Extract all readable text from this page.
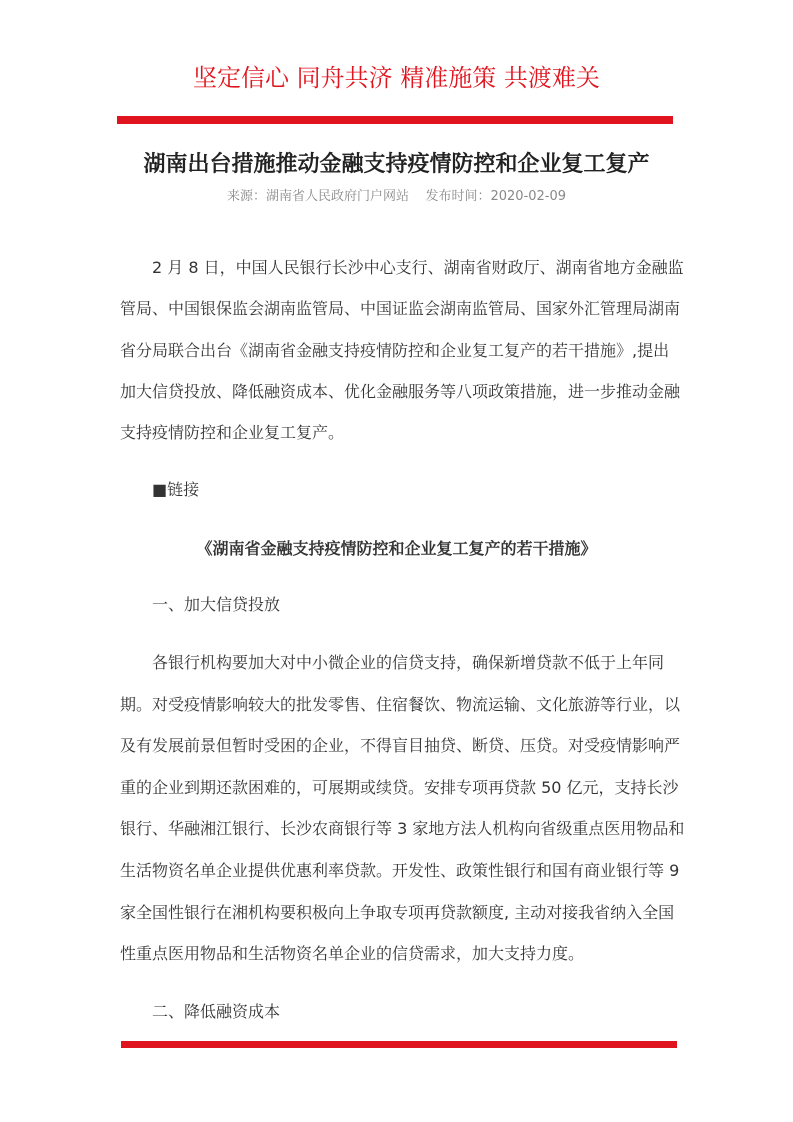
坚定信心 同舟共济 精准施策 共渡难关
湖南出台措施推动金融支持疫情防控和企业复工复产
来源：湖南省人民政府门户网站    发布时间：2020-02-09
　　2 月 8 日，中国人民银行长沙中心支行、湖南省财政厅、湖南省地方金融监
管局、中国银保监会湖南监管局、中国证监会湖南监管局、国家外汇管理局湖南
省分局联合出台《湖南省金融支持疫情防控和企业复工复产的若干措施》,提出
加大信贷投放、降低融资成本、优化金融服务等八项政策措施，进一步推动金融
支持疫情防控和企业复工复产。
　　■链接
《湖南省金融支持疫情防控和企业复工复产的若干措施》
　　一、加大信贷投放
　　各银行机构要加大对中小微企业的信贷支持，确保新增贷款不低于上年同
期。对受疫情影响较大的批发零售、住宿餐饮、物流运输、文化旅游等行业，以
及有发展前景但暂时受困的企业，不得盲目抽贷、断贷、压贷。对受疫情影响严
重的企业到期还款困难的，可展期或续贷。安排专项再贷款 50 亿元，支持长沙
银行、华融湘江银行、长沙农商银行等 3 家地方法人机构向省级重点医用物品和
生活物资名单企业提供优惠利率贷款。开发性、政策性银行和国有商业银行等 9
家全国性银行在湘机构要积极向上争取专项再贷款额度, 主动对接我省纳入全国
性重点医用物品和生活物资名单企业的信贷需求，加大支持力度。
　　二、降低融资成本
